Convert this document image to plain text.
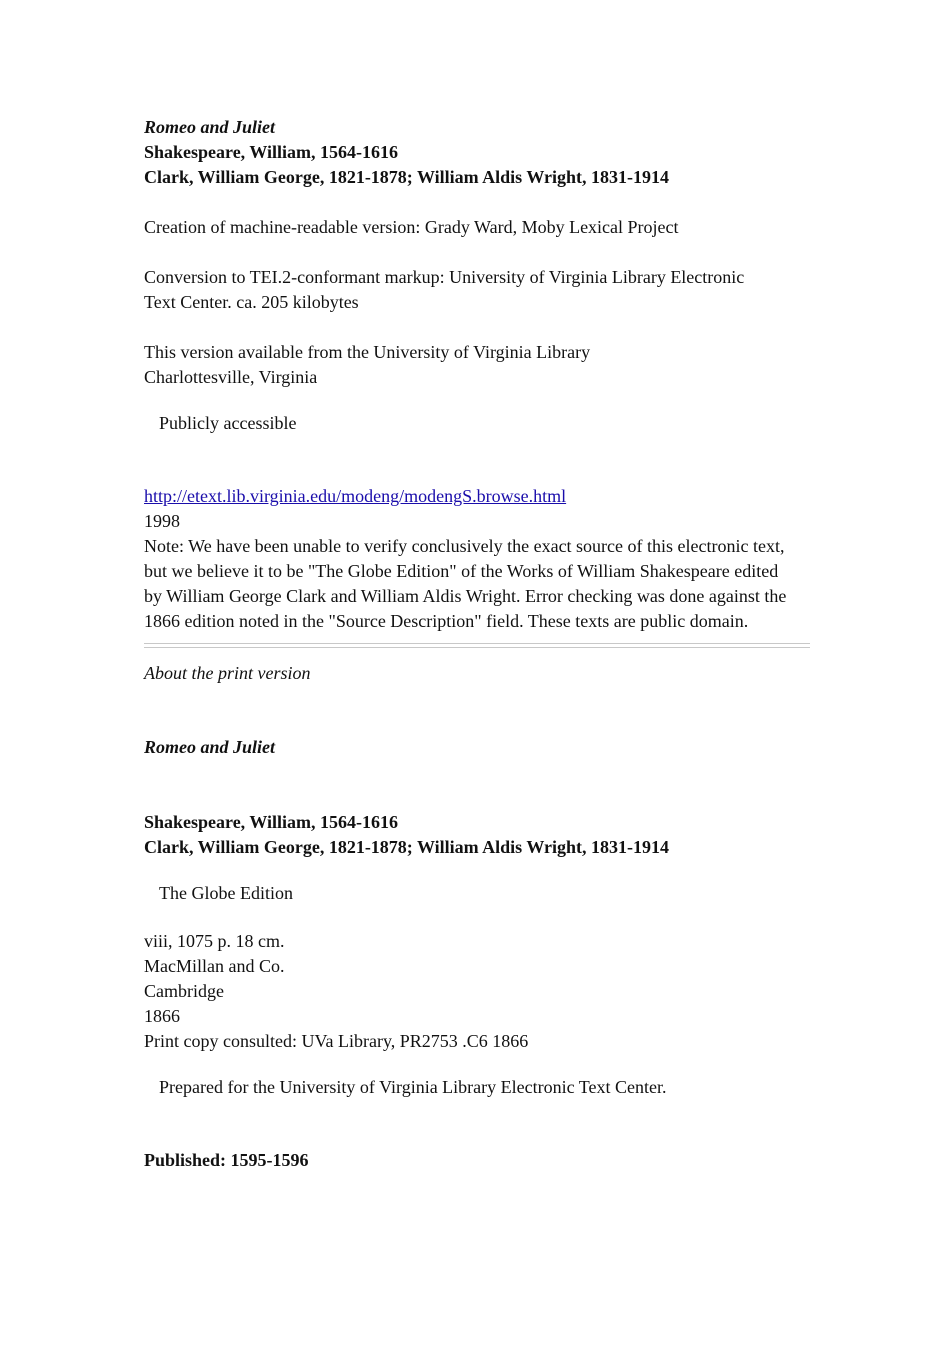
Romeo and Juliet
Shakespeare, William, 1564-1616
Clark, William George, 1821-1878; William Aldis Wright, 1831-1914
Creation of machine-readable version: Grady Ward, Moby Lexical Project
Conversion to TEI.2-conformant markup: University of Virginia Library Electronic
Text Center. ca. 205 kilobytes
This version available from the University of Virginia Library
Charlottesville, Virginia
Publicly accessible
http://etext.lib.virginia.edu/modeng/modengS.browse.html
1998
Note: We have been unable to verify conclusively the exact source of this electronic text, but we believe it to be "The Globe Edition" of the Works of William Shakespeare edited by William George Clark and William Aldis Wright. Error checking was done against the 1866 edition noted in the "Source Description" field. These texts are public domain.
About the print version
Romeo and Juliet
Shakespeare, William, 1564-1616
Clark, William George, 1821-1878; William Aldis Wright, 1831-1914
The Globe Edition
viii, 1075 p. 18 cm.
MacMillan and Co.
Cambridge
1866
Print copy consulted: UVa Library, PR2753 .C6 1866
Prepared for the University of Virginia Library Electronic Text Center.
Published: 1595-1596
